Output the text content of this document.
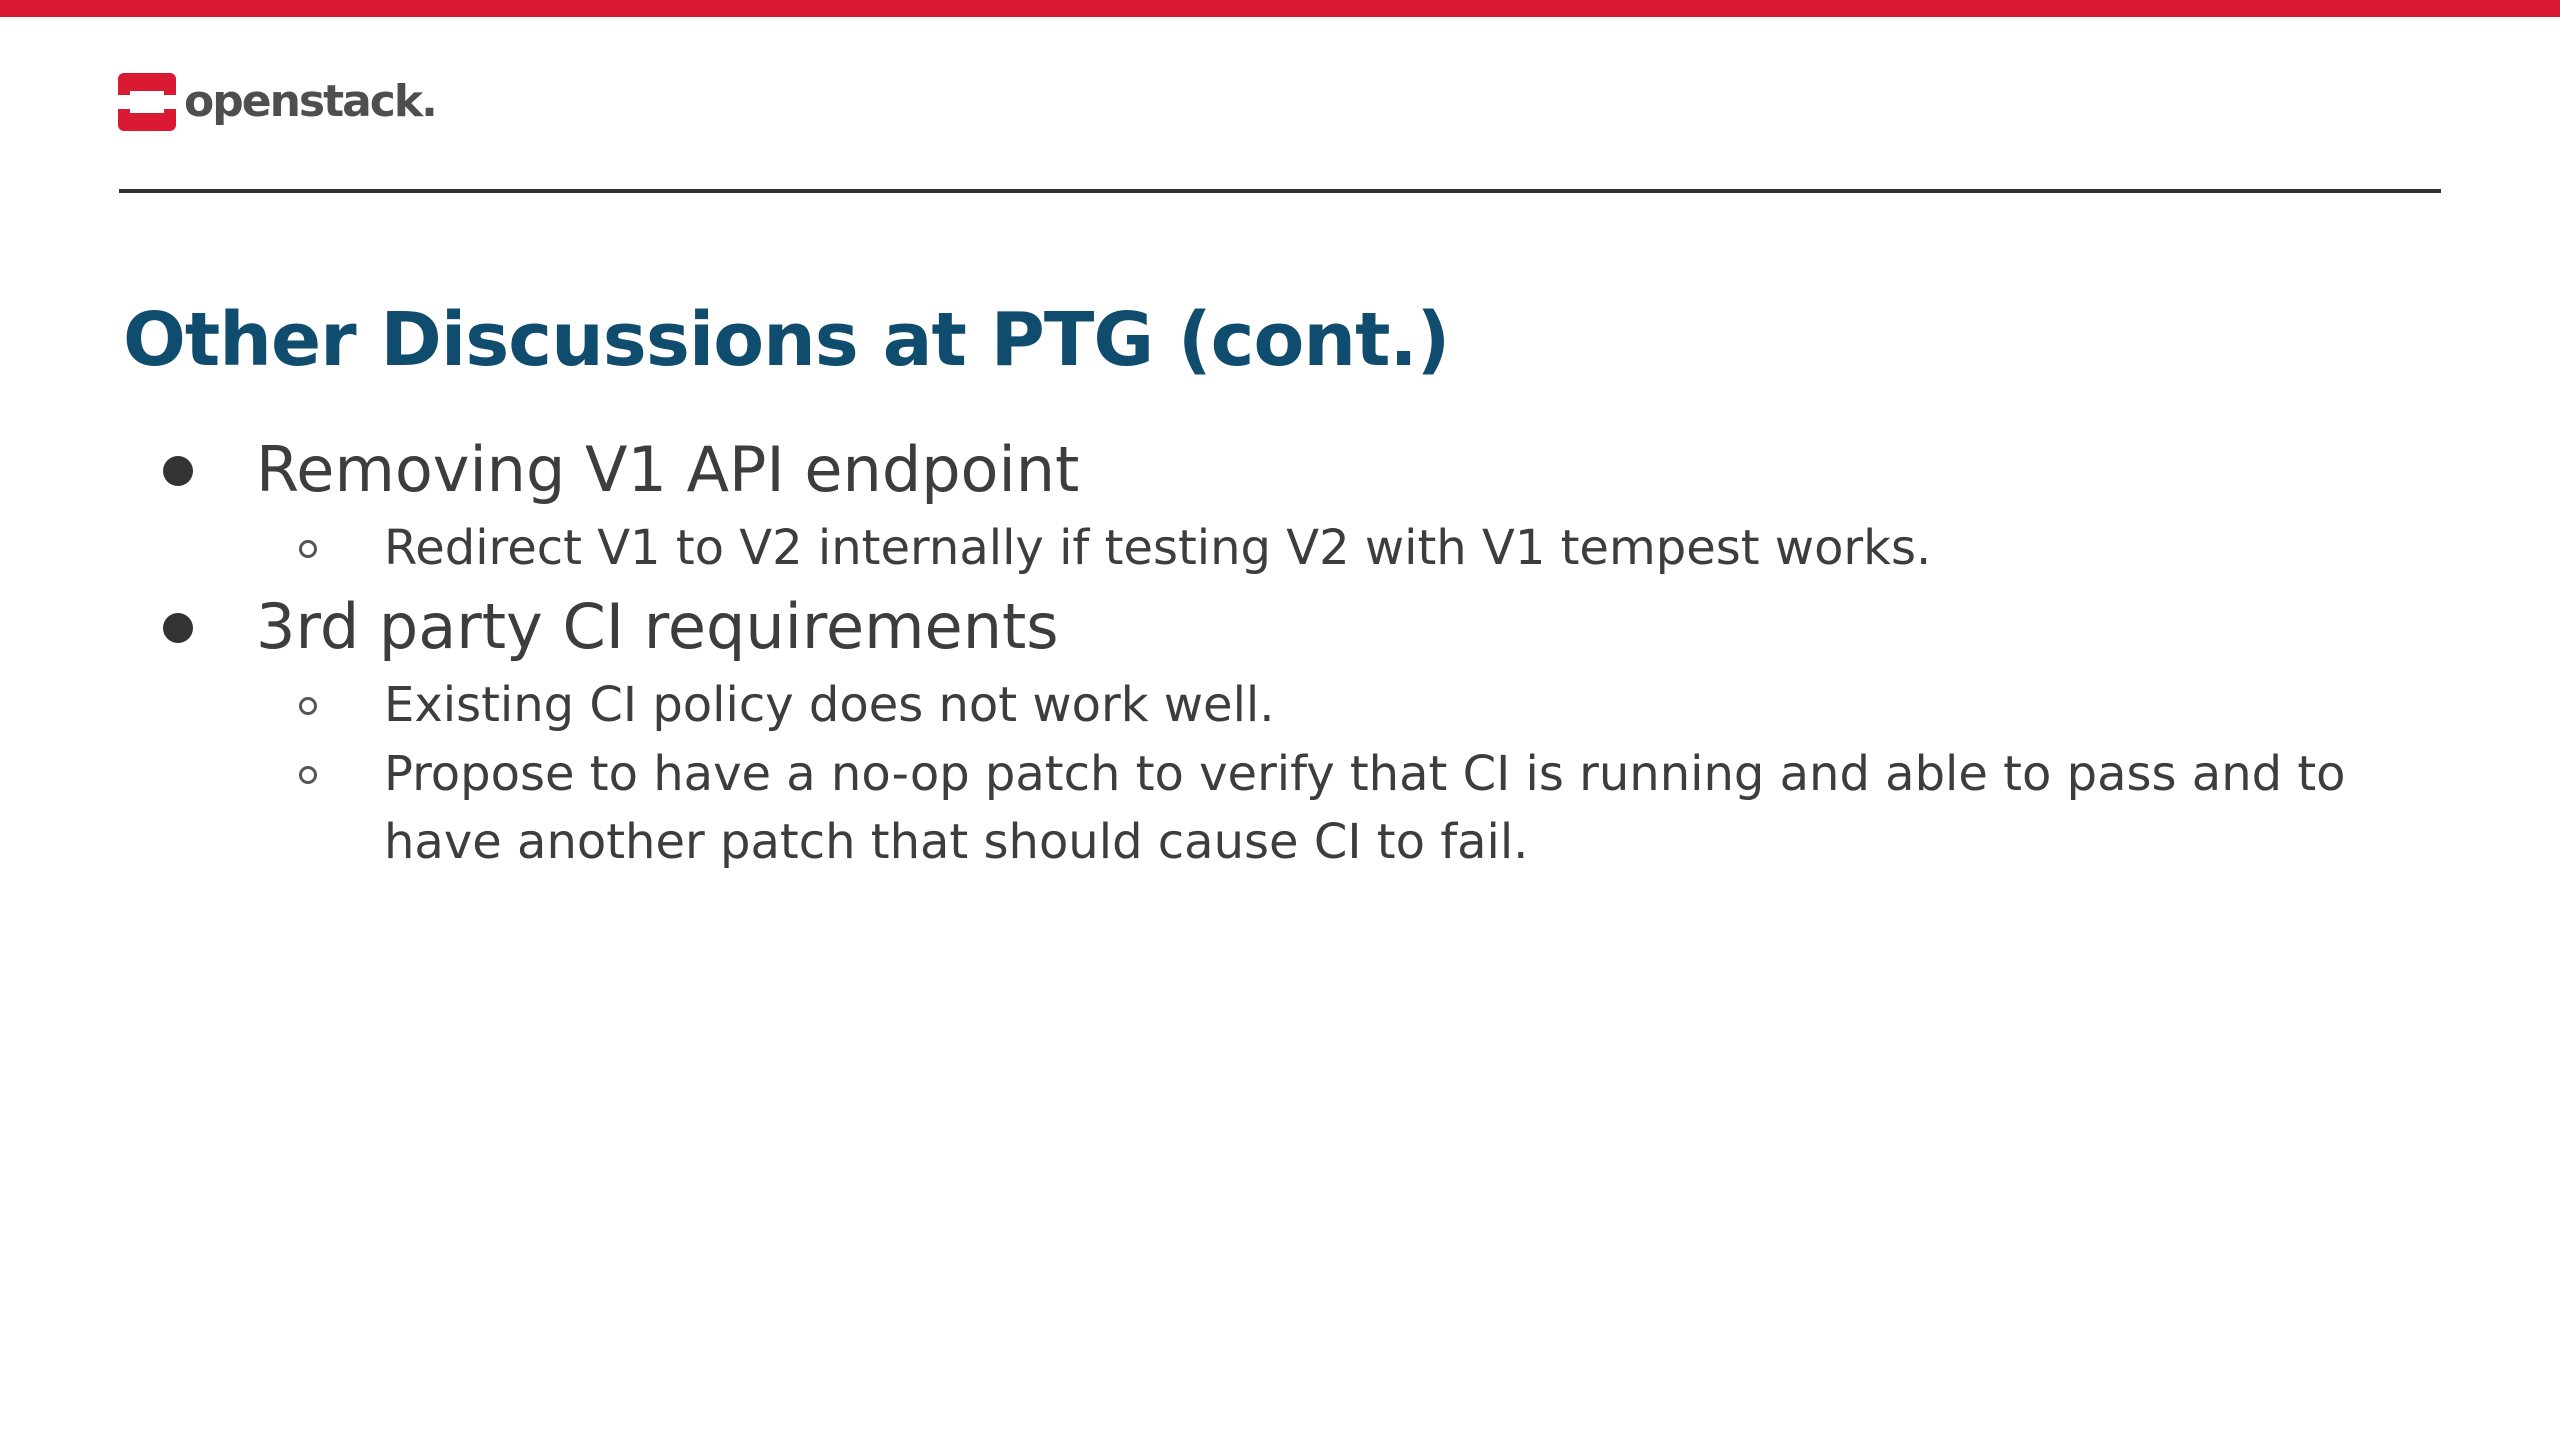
openstack.
Other Discussions at PTG (cont.)
Removing V1 API endpoint
Redirect V1 to V2 internally if testing V2 with V1 tempest works.
3rd party CI requirements
Existing CI policy does not work well.
Propose to have a no-op patch to verify that CI is running and able to pass and to have another patch that should cause CI to fail.
